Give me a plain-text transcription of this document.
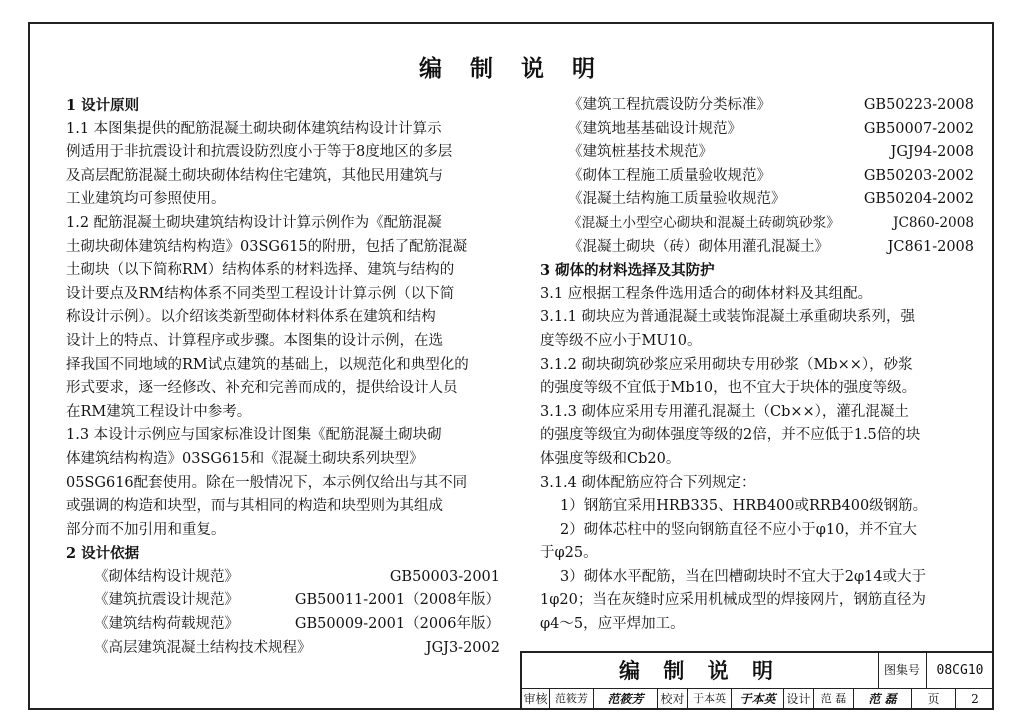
编 制 说 明
1 设计原则
1.1 本图集提供的配筋混凝土砌块砌体建筑结构设计计算示
例适用于非抗震设计和抗震设防烈度小于等于8度地区的多层
及高层配筋混凝土砌块砌体结构住宅建筑，其他民用建筑与
工业建筑均可参照使用。
1.2 配筋混凝土砌块建筑结构设计计算示例作为《配筋混凝
土砌块砌体建筑结构构造》03SG615的附册，包括了配筋混凝
土砌块（以下简称RM）结构体系的材料选择、建筑与结构的
设计要点及RM结构体系不同类型工程设计计算示例（以下简
称设计示例）。以介绍该类新型砌体材料体系在建筑和结构
设计上的特点、计算程序或步骤。本图集的设计示例，在选
择我国不同地域的RM试点建筑的基础上，以规范化和典型化的
形式要求，逐一经修改、补充和完善而成的，提供给设计人员
在RM建筑工程设计中参考。
1.3 本设计示例应与国家标准设计图集《配筋混凝土砌块砌
体建筑结构构造》03SG615和《混凝土砌块系列块型》
05SG616配套使用。除在一般情况下，本示例仅给出与其不同
或强调的构造和块型，而与其相同的构造和块型则为其组成
部分而不加引用和重复。
2 设计依据
《砌体结构设计规范》	GB50003-2001
《建筑抗震设计规范》	GB50011-2001（2008年版）
《建筑结构荷载规范》	GB50009-2001（2006年版）
《高层建筑混凝土结构技术规程》	JGJ3-2002
《建筑工程抗震设防分类标准》	GB50223-2008
《建筑地基基础设计规范》	GB50007-2002
《建筑桩基技术规范》	JGJ94-2008
《砌体工程施工质量验收规范》	GB50203-2002
《混凝土结构施工质量验收规范》	GB50204-2002
《混凝土小型空心砌块和混凝土砖砌筑砂浆》	JC860-2008
《混凝土砌块（砖）砌体用灌孔混凝土》	JC861-2008
3 砌体的材料选择及其防护
3.1 应根据工程条件选用适合的砌体材料及其组配。
3.1.1 砌块应为普通混凝土或装饰混凝土承重砌块系列，强
度等级不应小于MU10。
3.1.2 砌块砌筑砂浆应采用砌块专用砂浆（Mb××），砂浆
的强度等级不宜低于Mb10，也不宜大于块体的强度等级。
3.1.3 砌体应采用专用灌孔混凝土（Cb××），灌孔混凝土
的强度等级宜为砌体强度等级的2倍，并不应低于1.5倍的块
体强度等级和Cb20。
3.1.4 砌体配筋应符合下列规定：
1）钢筋宜采用HRB335、HRB400或RRB400级钢筋。
2）砌体芯柱中的竖向钢筋直径不应小于φ10，并不宜大
于φ25。
3）砌体水平配筋，当在凹槽砌块时不宜大于2φ14或大于
1φ20；当在灰缝时应采用机械成型的焊接网片，钢筋直径为
φ4～5，应平焊加工。
编 制 说 明	图集号	08CG10
审核 范筱芳	范筱芳	校对 于本英	于本英 设计 范 磊	范 磊	页	2
